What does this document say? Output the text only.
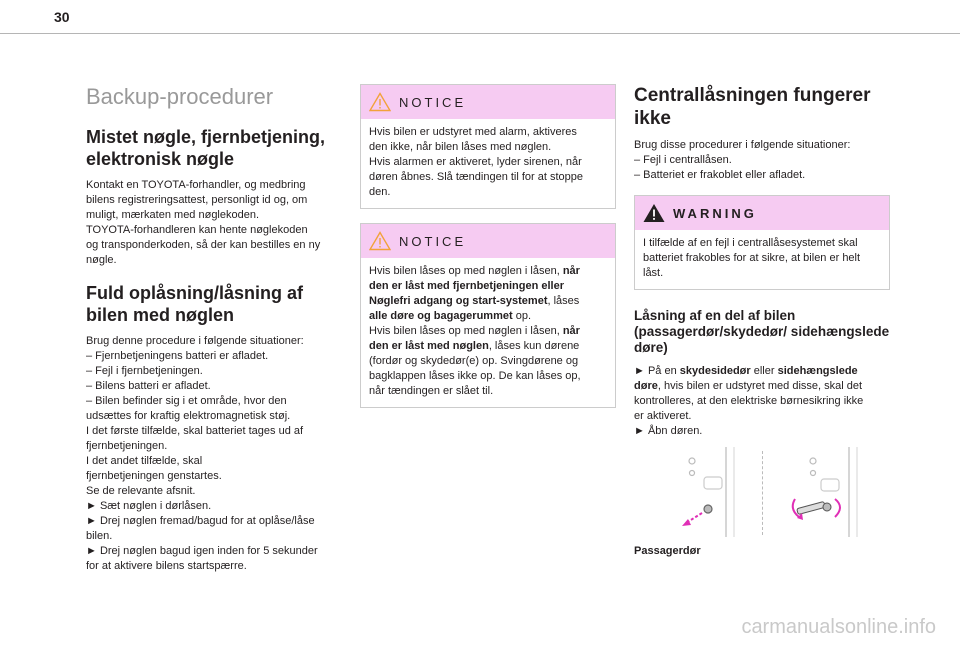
30
Backup-procedurer
Mistet nøgle, fjernbetjening, elektronisk nøgle

Kontakt en TOYOTA-forhandler, og medbring

bilens registreringsattest, personligt id og, om

muligt, mærkaten med nøglekoden.

TOYOTA-forhandleren kan hente nøglekoden

og transponderkoden, så der kan bestilles en ny

nøgle.

Fuld oplåsning/låsning af bilen med nøglen

Brug denne procedure i følgende situationer:

– Fjernbetjeningens batteri er afladet.

– Fejl i fjernbetjeningen.

– Bilens batteri er afladet.

– Bilen befinder sig i et område, hvor den

udsættes for kraftig elektromagnetisk støj.

I det første tilfælde, skal batteriet tages ud af

fjernbetjeningen.

I det andet tilfælde, skal

fjernbetjeningen genstartes.

Se de relevante afsnit.

► Sæt nøglen i dørlåsen.

► Drej nøglen fremad/bagud for at oplåse/låse

bilen.

► Drej nøglen bagud igen inden for 5 sekunder

for at aktivere bilens startspærre.

NOTICE

Hvis bilen er udstyret med alarm, aktiveres

den ikke, når bilen låses med nøglen.

Hvis alarmen er aktiveret, lyder sirenen, når

døren åbnes. Slå tændingen til for at stoppe

den.

NOTICE

Hvis bilen låses op med nøglen i låsen, når

den er låst med fjernbetjeningen eller

Nøglefri adgang og start-systemet, låses

alle døre og bagagerummet op.

Hvis bilen låses op med nøglen i låsen, når

den er låst med nøglen, låses kun dørene

(fordør og skydedør(e) op. Svingdørene og

bagklappen låses ikke op. De kan låses op,

når tændingen er slået til.

Centrallåsningen fungerer ikke

Brug disse procedurer i følgende situationer:

– Fejl i centrallåsen.

– Batteriet er frakoblet eller afladet.

WARNING

I tilfælde af en fejl i centrallåsesystemet skal

batteriet frakobles for at sikre, at bilen er helt

låst.

Låsning af en del af bilen (passagerdør/skydedør/ sidehængslede døre)

► På en skydesidedør eller sidehængslede

døre, hvis bilen er udstyret med disse, skal det

kontrolleres, at den elektriske børnesikring ikke

er aktiveret.

► Åbn døren.

Passagerdør
carmanualsonline.info
